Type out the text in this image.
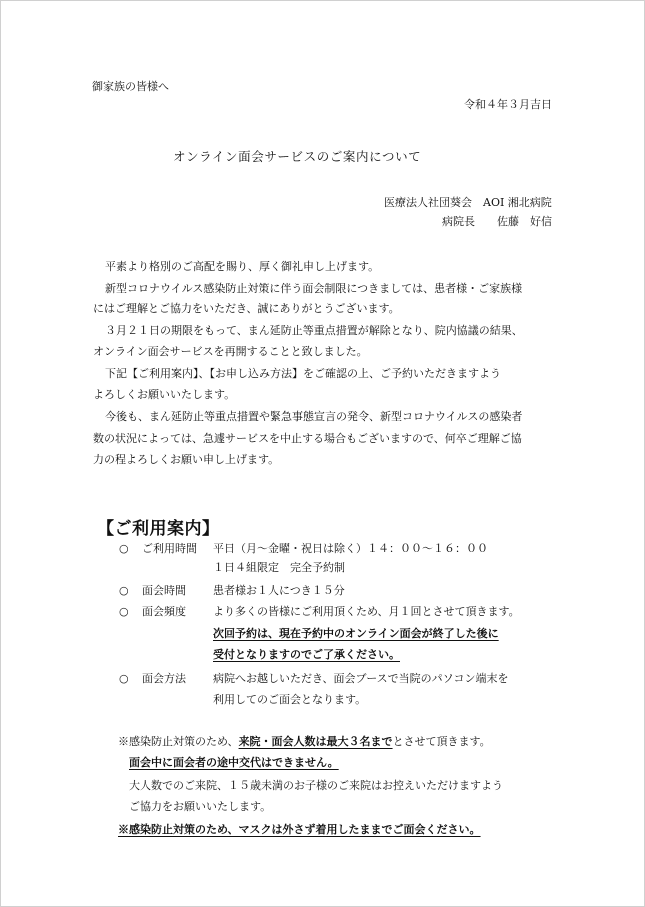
御家族の皆様へ
令和４年３月吉日
オンライン面会サービスのご案内について
医療法人社団葵会　AOI 湘北病院
病院長　　佐藤　好信
平素より格別のご高配を賜り、厚く御礼申し上げます。
新型コロナウイルス感染防止対策に伴う面会制限につきましては、患者様・ご家族様
にはご理解とご協力をいただき、誠にありがとうございます。
３月２１日の期限をもって、まん延防止等重点措置が解除となり、院内協議の結果、
オンライン面会サービスを再開することと致しました。
下記【ご利用案内】、【お申し込み方法】をご確認の上、ご予約いただきますよう
よろしくお願いいたします。
今後も、まん延防止等重点措置や緊急事態宣言の発令、新型コロナウイルスの感染者
数の状況によっては、急遽サービスを中止する場合もございますので、何卒ご理解ご協
力の程よろしくお願い申し上げます。
【ご利用案内】
○ ご利用時間 平日（月～金曜・祝日は除く）１４：００～１６：００
１日４組限定　完全予約制
○ 面会時間 患者様お１人につき１５分
○ 面会頻度 より多くの皆様にご利用頂くため、月１回とさせて頂きます。
次回予約は、現在予約中のオンライン面会が終了した後に
受付となりますのでご了承ください。
○ 面会方法 病院へお越しいただき、面会ブースで当院のパソコン端末を
利用してのご面会となります。
※感染防止対策のため、来院・面会人数は最大３名までとさせて頂きます。
面会中に面会者の途中交代はできません。
大人数でのご来院、１５歳未満のお子様のご来院はお控えいただけますよう
ご協力をお願いいたします。
※感染防止対策のため、マスクは外さず着用したままでご面会ください。
